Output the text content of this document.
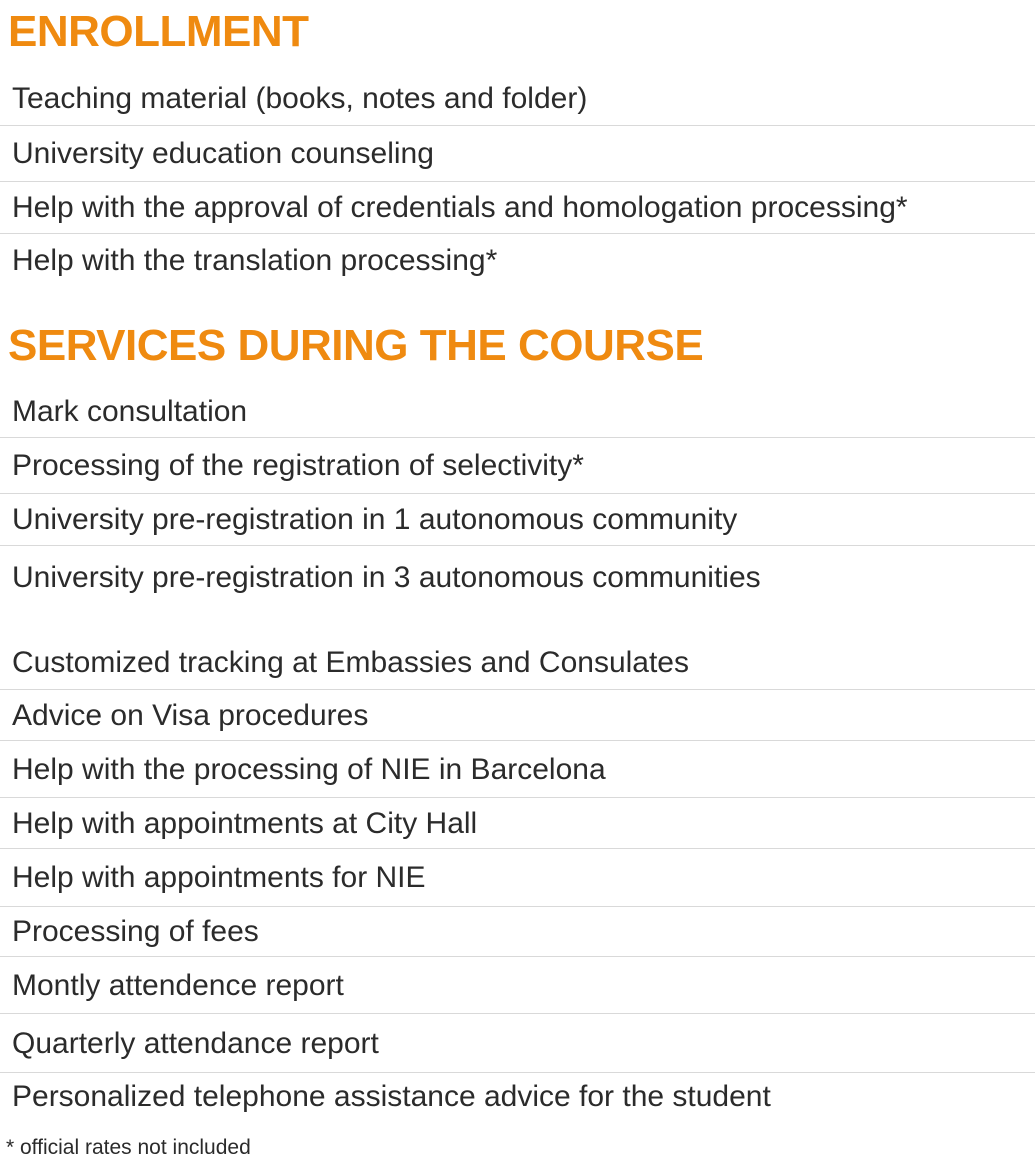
ENROLLMENT
Teaching material (books, notes and folder)
University education counseling
Help with the approval of credentials and homologation processing*
Help with the translation processing*
SERVICES DURING THE COURSE
Mark consultation
Processing of the registration of selectivity*
University pre-registration in 1 autonomous community
University pre-registration in 3 autonomous communities
Customized tracking at Embassies and Consulates
Advice on Visa procedures
Help with the processing of NIE in Barcelona
Help with appointments at City Hall
Help with appointments for NIE
Processing of fees
Montly attendence report
Quarterly attendance report
Personalized telephone assistance advice for the student
* official rates not included
